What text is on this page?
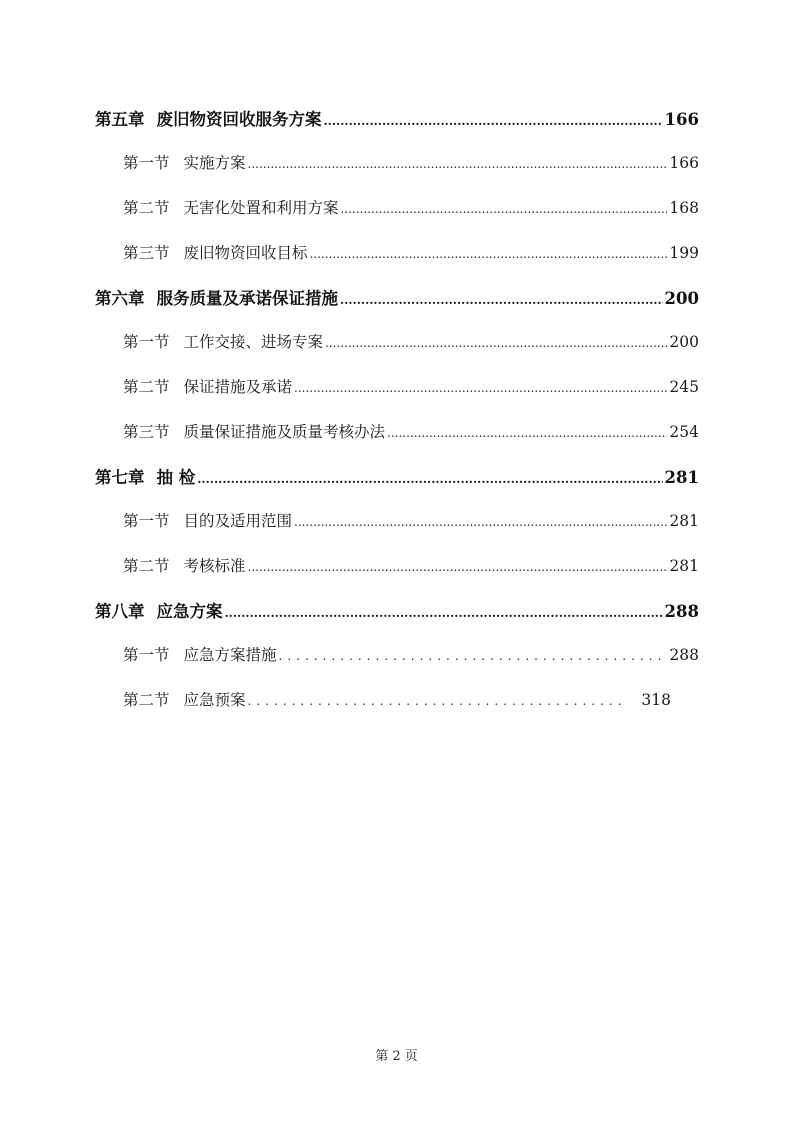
第五章 废旧物资回收服务方案 .....	166
第一节 实施方案 .....	166
第二节 无害化处置和利用方案 .....	168
第三节 废旧物资回收目标 .....	199
第六章 服务质量及承诺保证措施 .....	200
第一节 工作交接、进场专案 .....	200
第二节 保证措施及承诺 .....	245
第三节 质量保证措施及质量考核办法 .....	254
第七章 抽 检 .....	281
第一节 目的及适用范围 .....	281
第二节 考核标准 .....	281
第八章 应急方案 .....	288
第一节 应急方案措施 .....	288
第二节 应急预案 .....	318
第 2 页
